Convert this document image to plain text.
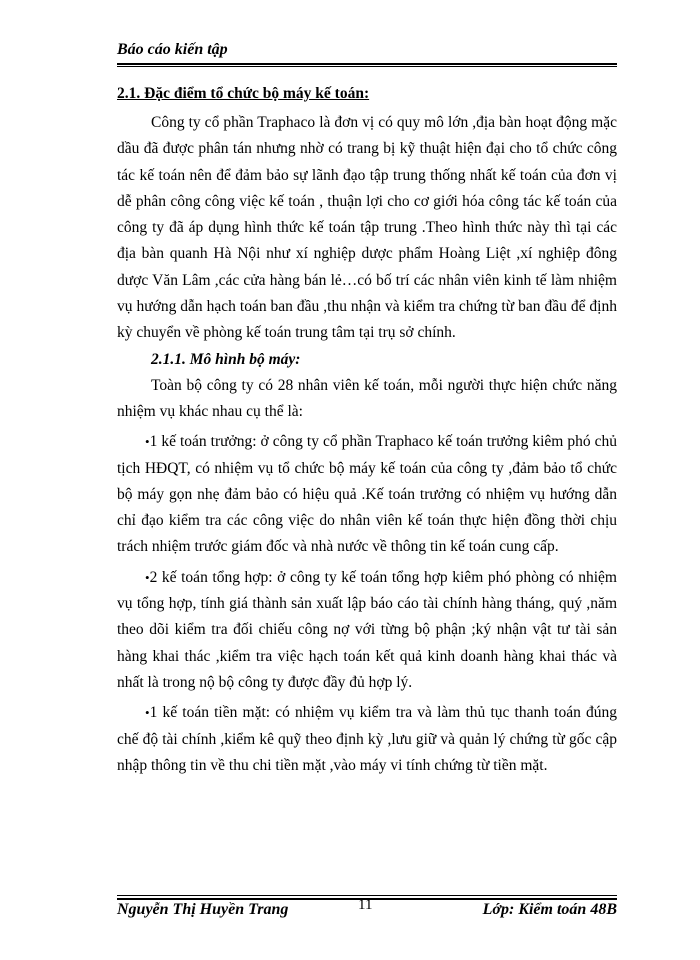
Báo cáo kiến tập

2.1. Đặc điểm tổ chức bộ máy kế toán:

Công ty cổ phần Traphaco là đơn vị có quy mô lớn ,địa bàn hoạt động mặc dầu đã được phân tán nhưng nhờ có trang bị kỹ thuật hiện đại cho tổ chức công tác kế toán nên để đảm bảo sự lãnh đạo tập trung thống nhất kế toán của đơn vị dễ phân công công việc kế toán , thuận lợi cho cơ giới hóa công tác kế toán của công ty đã áp dụng hình thức kế toán tập trung .Theo hình thức này thì tại các địa bàn quanh Hà Nội như xí nghiệp dược phẩm Hoàng Liệt ,xí nghiệp đông dược Văn Lâm ,các cửa hàng bán lẻ…có bố trí các nhân viên kinh tế làm nhiệm vụ hướng dẫn hạch toán ban đầu ,thu nhận và kiểm tra chứng từ ban đầu để định kỳ chuyển về phòng kế toán trung tâm tại trụ sở chính.

2.1.1. Mô hình bộ máy:

Toàn bộ công ty có 28 nhân viên kế toán, mỗi người thực hiện chức năng nhiệm vụ khác nhau cụ thể là:

•1 kế toán trưởng: ở công ty cổ phần Traphaco kế toán trưởng kiêm phó chủ tịch HĐQT, có nhiệm vụ tổ chức bộ máy kế toán của công ty ,đảm bảo tổ chức bộ máy gọn nhẹ đảm bảo có hiệu quả .Kế toán trưởng có nhiệm vụ hướng dẫn chỉ đạo kiểm tra các công việc do nhân viên kế toán thực hiện đồng thời chịu trách nhiệm trước giám đốc và nhà nước về thông tin kế toán cung cấp.

•2 kế toán tổng hợp: ở công ty kế toán tổng hợp kiêm phó phòng có nhiệm vụ tổng hợp, tính giá thành sản xuất lập báo cáo tài chính hàng tháng, quý ,năm theo dõi kiểm tra đối chiếu công nợ với từng bộ phận ;ký nhận vật tư tài sản hàng khai thác ,kiểm tra việc hạch toán kết quả kinh doanh hàng khai thác và nhất là trong nộ bộ công ty được đầy đủ hợp lý.

•1 kế toán tiền mặt: có nhiệm vụ kiểm tra và làm thủ tục thanh toán đúng chế độ tài chính ,kiểm kê quỹ theo định kỳ ,lưu giữ và quản lý chứng từ gốc cập nhập thông tin về thu chi tiền mặt ,vào máy vi tính chứng từ tiền mặt.

Nguyễn Thị Huyền Trang	11	Lớp: Kiểm toán 48B
